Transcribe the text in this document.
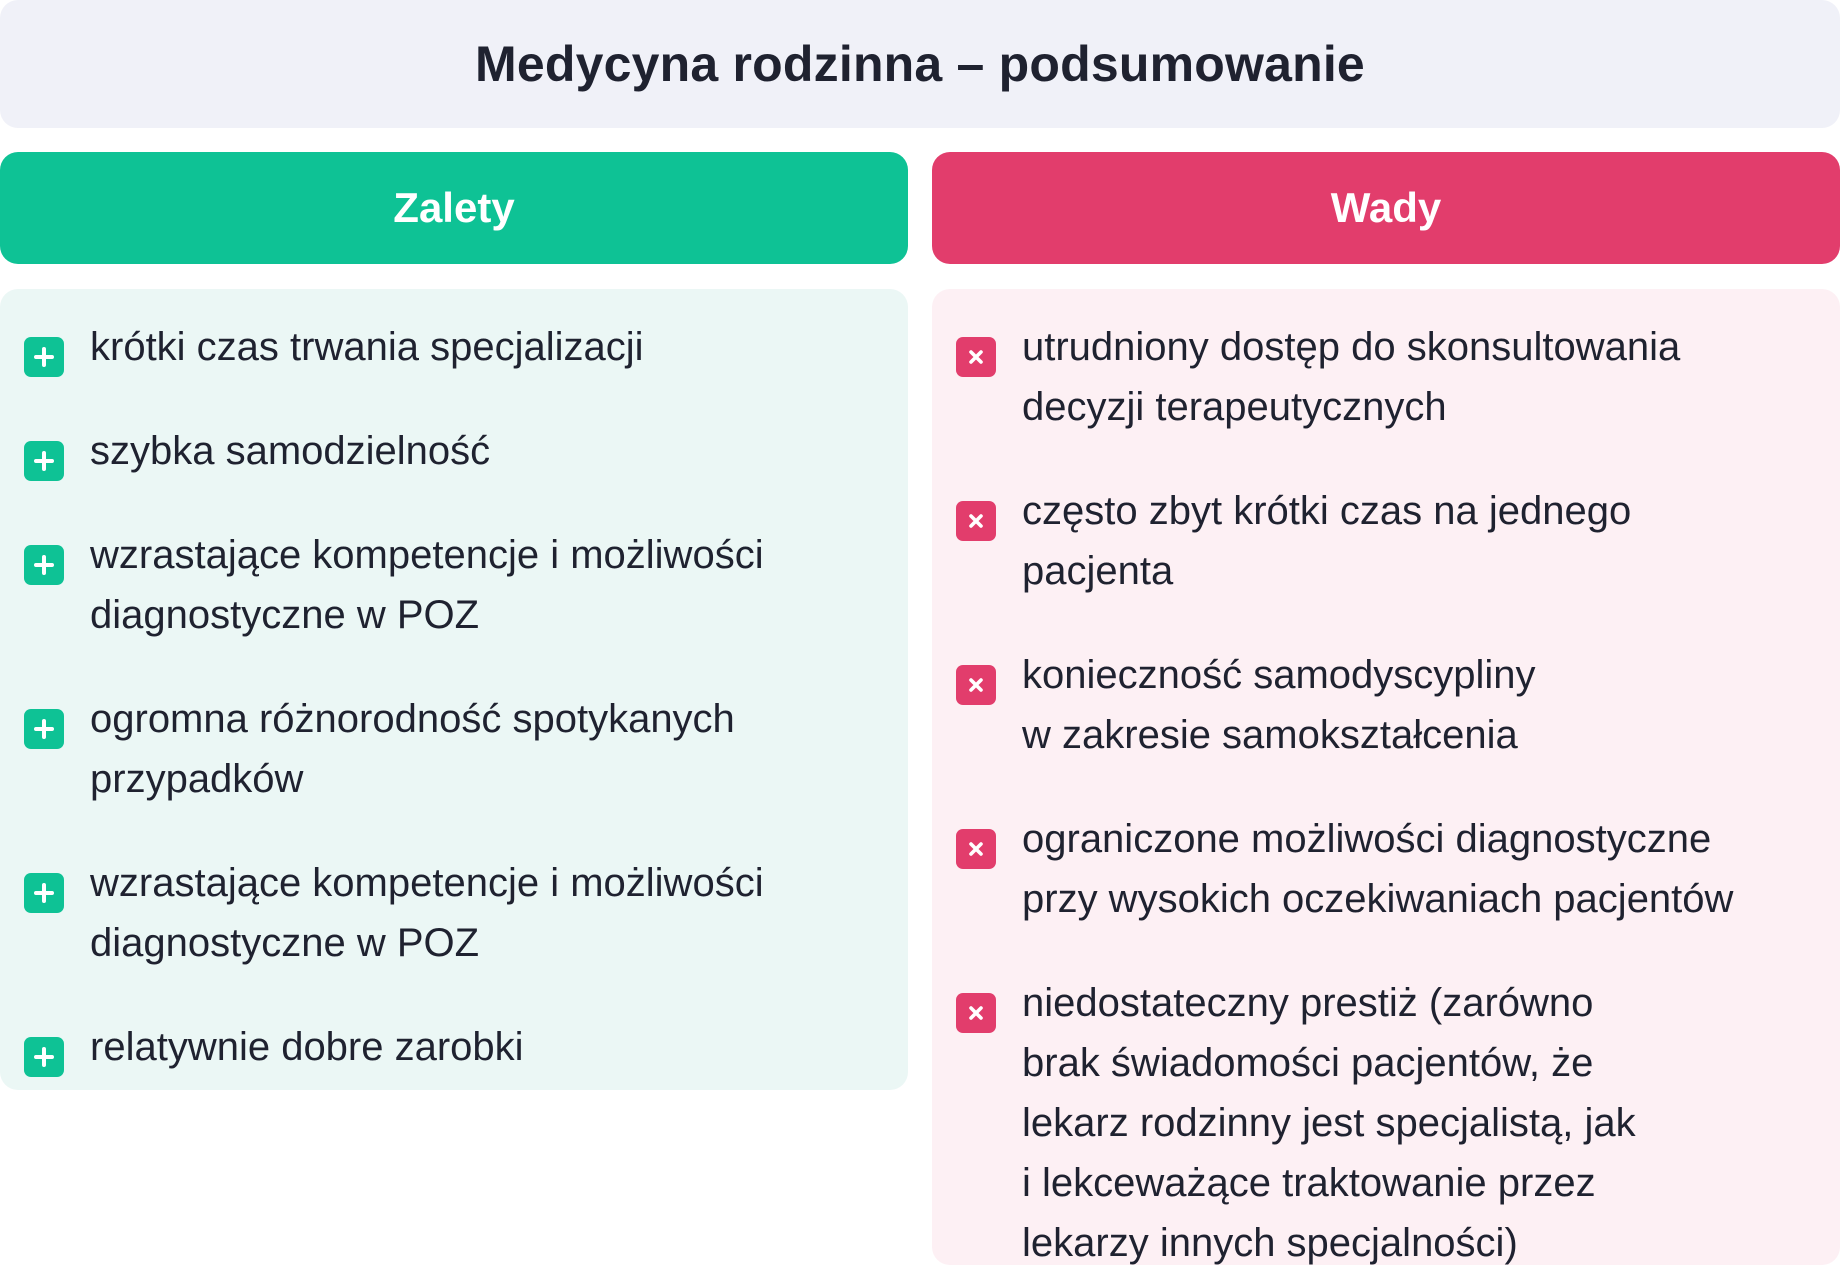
Medycyna rodzinna – podsumowanie
Zalety	Wady
krótki czas trwania specjalizacji
szybka samodzielność
wzrastające kompetencje i możliwości
diagnostyczne w POZ
ogromna różnorodność spotykanych
przypadków
wzrastające kompetencje i możliwości
diagnostyczne w POZ
relatywnie dobre zarobki
utrudniony dostęp do skonsultowania
decyzji terapeutycznych
często zbyt krótki czas na jednego
pacjenta
konieczność samodyscypliny
w zakresie samokształcenia
ograniczone możliwości diagnostyczne
przy wysokich oczekiwaniach pacjentów
niedostateczny prestiż (zarówno
brak świadomości pacjentów, że
lekarz rodzinny jest specjalistą, jak
i lekceważące traktowanie przez
lekarzy innych specjalności)
